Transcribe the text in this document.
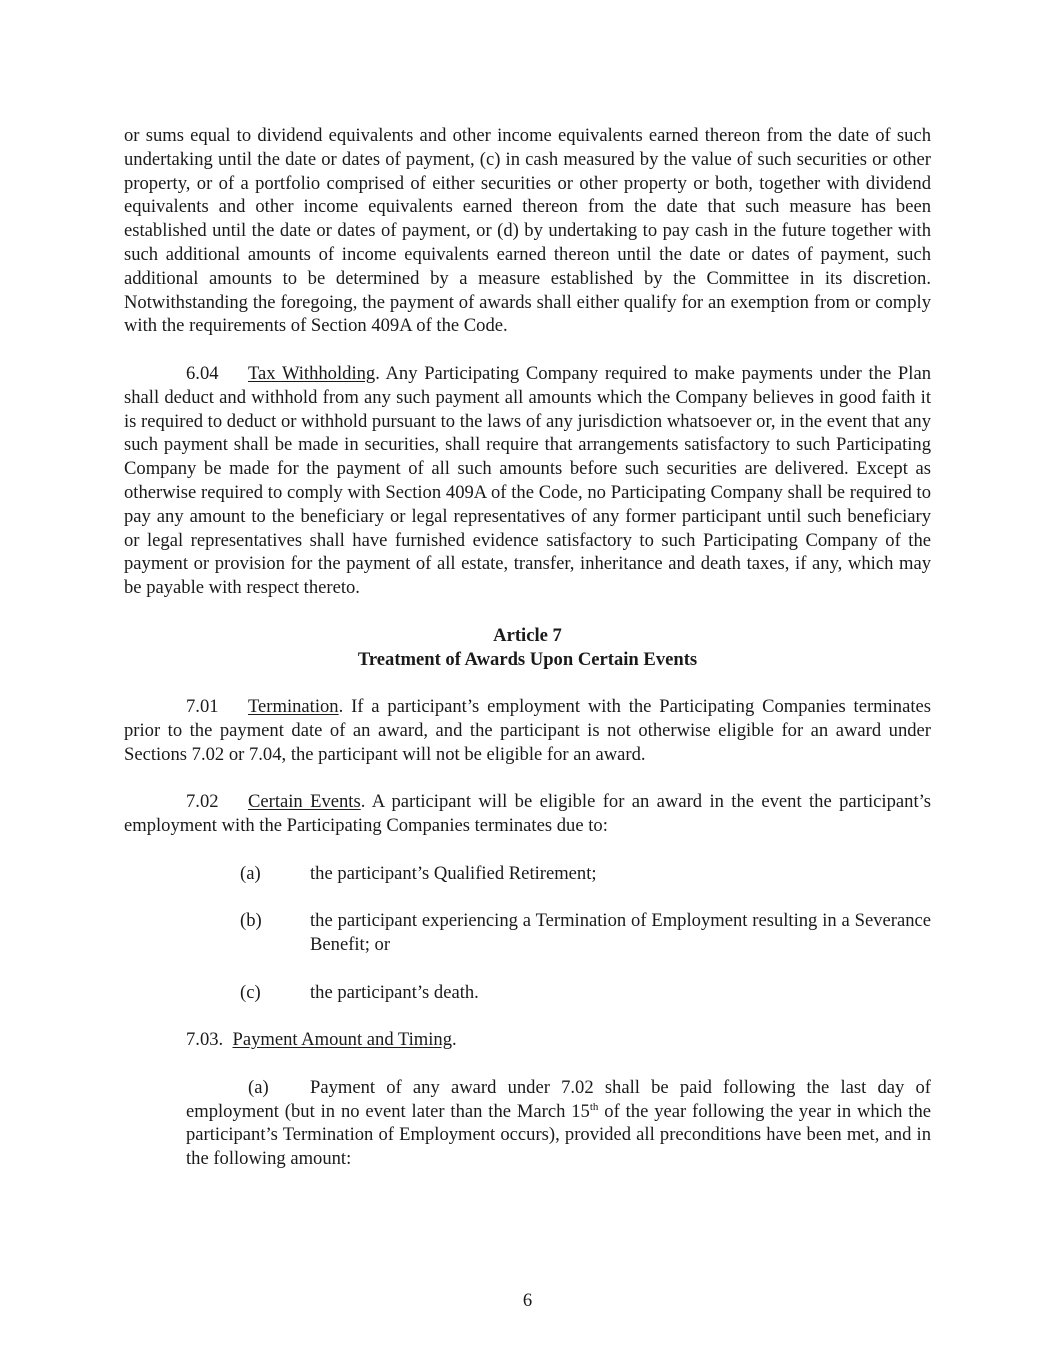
or sums equal to dividend equivalents and other income equivalents earned thereon from the date of such undertaking until the date or dates of payment, (c) in cash measured by the value of such securities or other property, or of a portfolio comprised of either securities or other property or both, together with dividend equivalents and other income equivalents earned thereon from the date that such measure has been established until the date or dates of payment, or (d) by undertaking to pay cash in the future together with such additional amounts of income equivalents earned thereon until the date or dates of payment, such additional amounts to be determined by a measure established by the Committee in its discretion. Notwithstanding the foregoing, the payment of awards shall either qualify for an exemption from or comply with the requirements of Section 409A of the Code.

6.04 Tax Withholding. Any Participating Company required to make payments under the Plan shall deduct and withhold from any such payment all amounts which the Company believes in good faith it is required to deduct or withhold pursuant to the laws of any jurisdiction whatsoever or, in the event that any such payment shall be made in securities, shall require that arrangements satisfactory to such Participating Company be made for the payment of all such amounts before such securities are delivered. Except as otherwise required to comply with Section 409A of the Code, no Participating Company shall be required to pay any amount to the beneficiary or legal representatives of any former participant until such beneficiary or legal representatives shall have furnished evidence satisfactory to such Participating Company of the payment or provision for the payment of all estate, transfer, inheritance and death taxes, if any, which may be payable with respect thereto.

Article 7
Treatment of Awards Upon Certain Events

7.01 Termination. If a participant’s employment with the Participating Companies terminates prior to the payment date of an award, and the participant is not otherwise eligible for an award under Sections 7.02 or 7.04, the participant will not be eligible for an award.

7.02 Certain Events. A participant will be eligible for an award in the event the participant’s employment with the Participating Companies terminates due to:

(a)	the participant’s Qualified Retirement;
(b)	the participant experiencing a Termination of Employment resulting in a Severance Benefit; or
(c)	the participant’s death.

7.03. Payment Amount and Timing.

(a) Payment of any award under 7.02 shall be paid following the last day of employment (but in no event later than the March 15th of the year following the year in which the participant’s Termination of Employment occurs), provided all preconditions have been met, and in the following amount:

6
